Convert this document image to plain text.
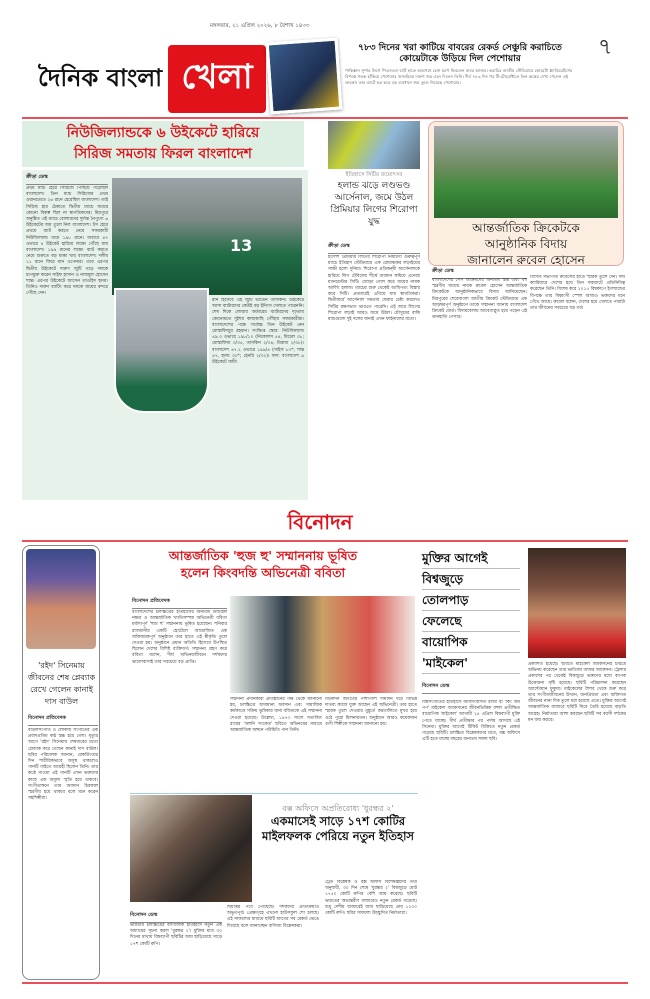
মঙ্গলবার, ২১ এপ্রিল ২০২৬, ৮ বৈশাখ ১৪৩৩
৭
দৈনিক বাংলা খেলা
৭৮৩ দিনের খরা কাটিয়ে বাবরের রেকর্ড সেঞ্চুরি করাচিতে কোয়েটাকে উড়িয়ে দিল পেশোয়ার
পাকিস্তান সুপার লিগে পিএসএল ব্যাট হাতে অবশেষে চেনা রূপে ফিরলেন বাবর আজম। করাচির জাতীয় স্টেডিয়ামে কোয়েটা গ্ল্যাডিয়েটর্সের বিপক্ষে শতক হাঁকিয়ে পেশোয়ার জালমিকে দারুণ জয় এনে দিলেন তিনি। দীর্ঘ ৭৮৩ দিন পর টি-টোয়েন্টিতে তিন অঙ্কের দেখা পেলেন এই তারকা। তার ব্যাটে ভর করে বড় ব্যবধানে জয় তুলে নিয়েছে পেশোয়ার।
নিউজিল্যান্ডকে ৬ উইকেটে হারিয়ে
সিরিজ সমতায় ফিরল বাংলাদেশ
ক্রীড়া ডেস্ক
প্রথম ম্যাচ হেরে সিরিজে পিছিয়ে পড়েছিল বাংলাদেশ। তিন ম্যাচ সিরিজের প্রথম ওয়ানডেতে ২৬ রানে হেরেছিল বাংলাদেশ। তাই সিরিজ হার ঠেকাতে দ্বিতীয় ম্যাচে জয়ের কোনো বিকল্প ছিল না স্বাগতিকদের। মিরপুরে অনুষ্ঠিত এই ম্যাচে বোলারদের দুর্দান্ত নৈপুণ্যে ৬ উইকেটের জয় তুলে নিল বাংলাদেশ। টস হেরে প্রথমে ব্যাট করতে নেমে সফরকারী নিউজিল্যান্ড থামে ১৯৮ রানে। জবাবে ৪৭ ওভারে ৪ উইকেট হারিয়ে লক্ষ্যে পৌঁছে যায় বাংলাদেশ। ১৯৯ রানের লক্ষ্যে ব্যাট করতে নেমে শুরুতে বড় ধাক্কা খায় বাংলাদেশ। দলীয় ১১ রানে ফিরে যান ওপেনার। তবে এরপর দ্বিতীয় উইকেটে দারুণ জুটি গড়ে দলকে চাপমুক্ত করেন সাইফ হাসান ও নাজমুল হোসেন শান্ত। এরপর উইকেটে আসেন তাওহিদ হৃদয়। তিনিও দারুণ ব্যাটিং করে দলকে জয়ের বন্দরে পৌঁছে দেন।
13
রান হিসেবে এই জুটি ভাঙেন তাসকিন। উইকেটে আসা ব্যাটারদের কেউই বড় ইনিংস খেলতে পারেননি। শেষ দিকে লোয়ার অর্ডারের ব্যাটারদের দৃঢ়তায় কোনোমতে দুইশর কাছাকাছি পৌঁছায় সফরকারীরা। বাংলাদেশের পক্ষে সর্বোচ্চ তিন উইকেট নেন মোস্তাফিজুর রহমান। সংক্ষিপ্ত স্কোর: নিউজিল্যান্ড ৪৯.৩ ওভারে ১৯৮/১০ (নিকোলস ৫৪, মিচেল ৩৮; মোস্তাফিজ ৩/৩৫, তাসকিন ২/৩৪, মিরাজ ২/৩৮)। বাংলাদেশ ৪৭.২ ওভারে ১৯৯/৪ (সাইফ ৮৩*, শান্ত ৪৭, হৃদয় ৩০*; হেনরি ২/৩২)। ফল: বাংলাদেশ ৬ উইকেটে জয়ী।
ইতিহাসে সিটির জয়োৎসব
হলান্ড ঝড়ে লণ্ডভণ্ড আর্সেনাল, জমে উঠল প্রিমিয়ার লিগের শিরোপা যুদ্ধ
ক্রীড়া ডেস্ক
ইংলিশ প্রিমিয়ার লিগের শিরোপা নির্ধারণী গুরুত্বপূর্ণ ম্যাচে ইতিহাদ স্টেডিয়ামে এক রোমাঞ্চকর লড়াইয়ের সাক্ষী হলো দুনিয়া। শিরোপা প্রতিদ্বন্দ্বী আর্সেনালকে হারিয়ে লিগ টেবিলের শীর্ষে ব্যবধান কমিয়ে এনেছে ম্যানচেস্টার সিটি। জোড়া গোল করে জয়ের নায়ক আর্লিং হলান্ড। ম্যাচের শুরু থেকেই আধিপত্য বিস্তার করে সিটি। প্রথমার্ধেই এগিয়ে যায় স্বাগতিকরা। দ্বিতীয়ার্ধে আর্সেনাল সমতায় ফেরার চেষ্টা করলেও সিটির রক্ষণভাগ ভাঙতে পারেনি। এই জয়ে লিগের শিরোপা লড়াই আরও জমে উঠল। মৌসুমের বাকি ম্যাচগুলো দুই দলের জন্যই এখন ফাইনালের মতো।
আন্তর্জাতিক ক্রিকেটকে
আনুষ্ঠানিক বিদায়
জানালেন রুবেল হোসেন
ক্রীড়া ডেস্ক
বাংলাদেশের পেস আক্রমণের অন্যতম স্তম্ভ এবং বহু স্মরণীয় জয়ের নায়ক রুবেল হোসেন আন্তর্জাতিক ক্রিকেটকে আনুষ্ঠানিকভাবে বিদায় জানিয়েছেন। মিরপুরের শেরেবাংলা জাতীয় ক্রিকেট স্টেডিয়ামে এক আড়ম্বরপূর্ণ অনুষ্ঠানে তাকে সম্মাননা জানায় বাংলাদেশ ক্রিকেট বোর্ড। বিদায়বেলায় আবেগাপ্লুত হয়ে পড়েন এই ডানহাতি পেসার।
বিসিবি সভাপতি রুবেলের হাতে স্মারক তুলে দেন। দীর্ঘ ক্যারিয়ারে দেশের হয়ে তিন ফরম্যাটে প্রতিনিধিত্ব করেছেন তিনি। বিশেষ করে ২০১৫ বিশ্বকাপে ইংল্যান্ডের বিপক্ষে তার বিধ্বংসী স্পেল আজও ভক্তদের মনে গেঁথে আছে। রুবেল বলেন, দেশের হয়ে খেলতে পারাটা তার জীবনের সবচেয়ে বড় গর্ব।
বিনোদন
'রইদ' সিনেমায় জীবনের শেষ প্লেব্যাক রেখে গেলেন কানাই দাস বাউল
বিনোদন প্রতিবেদক
বাউলসংগীত ও লোকজ সংগীতের এক প্রবাদপ্রতিম কণ্ঠ স্তব্ধ হয়ে গেল। মৃত্যুর আগে 'রইদ' সিনেমায় শেষবারের মতো প্লেব্যাক করে গেছেন কানাই দাস বাউল। ছবির পরিচালক জানান, রেকর্ডিংয়ের দিন শারীরিকভাবে অসুস্থ থাকলেও গানটি গাইতে আগ্রহী ছিলেন তিনি। তার কণ্ঠে গাওয়া এই গানটি এখন ভক্তদের কাছে এক অমূল্য স্মৃতি হয়ে থাকবে। সংগীতাঙ্গনে তার অবদান চিরকাল স্মরণীয় হয়ে থাকবে বলে মনে করেন সহশিল্পীরা।
আন্তর্জাতিক 'হুজ হু' সম্মাননায় ভূষিত
হলেন কিংবদন্তি অভিনেত্রী ববিতা
বিনোদন প্রতিবেদক
বাংলাদেশের চলচ্চিত্রের ইতিহাসের অন্যতম উজ্জ্বল নক্ষত্র ও আন্তর্জাতিক খ্যাতিসম্পন্ন অভিনেত্রী ববিতা মর্যাদাপূর্ণ 'হুজ হু' সম্মাননায় ভূষিত হয়েছেন। শনিবার রাজধানীর একটি হোটেলে আয়োজিত এক জাঁকজমকপূর্ণ অনুষ্ঠানে তার হাতে এই স্বীকৃতি তুলে দেওয়া হয়। অনুষ্ঠানে প্রধান অতিথি হিসেবে উপস্থিত ছিলেন দেশের বিশিষ্ট ব্যক্তিবর্গ। সম্মাননা গ্রহণ করে ববিতা বলেন, দীর্ঘ অভিনয়জীবনে দর্শকদের ভালোবাসাই তার সবচেয়ে বড় প্রাপ্তি।
সম্মাননা প্রদানকারী প্রতিষ্ঠানের পক্ষ থেকে জানানো হয়, চলচ্চিত্রে অসামান্য অবদান এবং সামাজিক কর্মকাণ্ডে সক্রিয় ভূমিকার জন্য ববিতাকে এই সম্মাননা দেওয়া হয়েছে। উল্লেখ্য, ১৯৭৩ সালে সত্যজিৎ রায়ের 'অশনি সংকেত' ছবিতে অভিনয়ের মাধ্যমে আন্তর্জাতিক অঙ্গনে পরিচিতি পান তিনি।
বিনোদন জগতের পাশাপাশি দীর্ঘদিন ধরে বিভিন্ন দাতব্য কাজে যুক্ত আছেন এই অভিনেত্রী। তার হাতে স্মারক তুলে দেওয়ার মুহূর্তে করতালিতে মুখর হয়ে ওঠে পুরো মিলনায়তন। অনুষ্ঠানে আরও কয়েকজন গুণী শিল্পীকে সম্মাননা জানানো হয়।
মুক্তির আগেই
বিশ্বজুড়ে
তোলপাড়
ফেলেছে
বায়োপিক
'মাইকেল'
বিনোদন ডেস্ক
বিশ্বসংগীতের ইতিহাসে অবিসংবাদিত রাজা বা 'কিং অব পপ' মাইকেল জ্যাকসনের জীবনভিত্তিক বহুল প্রতীক্ষিত বায়োপিক 'মাইকেল' আগামী ২৪ এপ্রিল বিশ্বব্যাপী মুক্তি পেতে যাচ্ছে। দীর্ঘ প্রতীক্ষার পর পর্দায় আসছে এই সিনেমা। মুক্তির আগেই টিকিট বিক্রিতে নতুন রেকর্ড গড়েছে ছবিটি। চলচ্চিত্র বিশ্লেষকদের মতে, বক্স অফিসে এটি হতে যাচ্ছে বছরের অন্যতম সফল ছবি।
প্রকাশিত হয়েছে। ছবিতে মাইকেল জ্যাকসনের চরিত্রে অভিনয় করেছেন তার ভাতিজা জাফর জ্যাকসন। ট্রেলার প্রকাশের পর থেকেই বিশ্বজুড়ে ভক্তদের মধ্যে ব্যাপক উত্তেজনা সৃষ্টি হয়েছে। ছবিটি পরিচালনা করেছেন অ্যান্টোয়ান ফুকুয়া। মাইকেলের শৈশব থেকে শুরু করে তার সংগীতজীবনের উত্থান, জনপ্রিয়তা এবং ব্যক্তিগত জীবনের নানা দিক তুলে ধরা হয়েছে এতে। মুক্তির আগেই আন্তর্জাতিক বাজারে ছবিটি ঘিরে তৈরি হয়েছে বাড়তি আগ্রহ। নির্মাতারা আশা করছেন ছবিটি সব বয়সী দর্শকের মন জয় করবে।
বক্স অফিসে অপ্রতিরোধ্য 'ধুরন্ধর ২'
একমাসেই সাড়ে ১৭শ কোটির
মাইলফলক পেরিয়ে নতুন ইতিহাস
বিনোদন ডেস্ক
ভারতীয় চলচ্চিত্রের বাণিজ্যিক ইতিহাসে নতুন এক অধ্যায়ের সূচনা করল 'ধুরন্ধর ২'। মুক্তির মাত্র ৩০ দিনের মাথায় বিশ্বব্যাপী ছবিটির আয় ছাড়িয়েছে সাড়ে ১৭শ কোটি রুপি।
ছিয়াত্তর পর্বে পৌঁছেছে। দর্শকদের প্রতিক্রিয়াও অভূতপূর্ব। প্রেক্ষাগৃহে এখনো হাউসফুল শো চলছে। এই সাফল্যের মাধ্যমে ছবিটি আগের সব রেকর্ড ভেঙে দিয়েছে বলে জানাচ্ছেন বাণিজ্য বিশ্লেষকরা।
ট্রেড বিশ্লেষক ও বক্স অফিস বিশেষজ্ঞদের তথ্য অনুযায়ী, ৩০ দিন শেষে 'ধুরন্ধর ২' বিশ্বজুড়ে মোট ১৭৫০ কোটি রুপির বেশি আয় করেছে। ছবিটি ভারতের অভ্যন্তরীণ বাজারেও নতুন রেকর্ড গড়েছে। শুধু দেশীয় বাজারেই আয় ছাড়িয়েছে প্রায় ১২০০ কোটি রুপি। ছবির সাফল্যে উচ্ছ্বসিত নির্মাতারা।
